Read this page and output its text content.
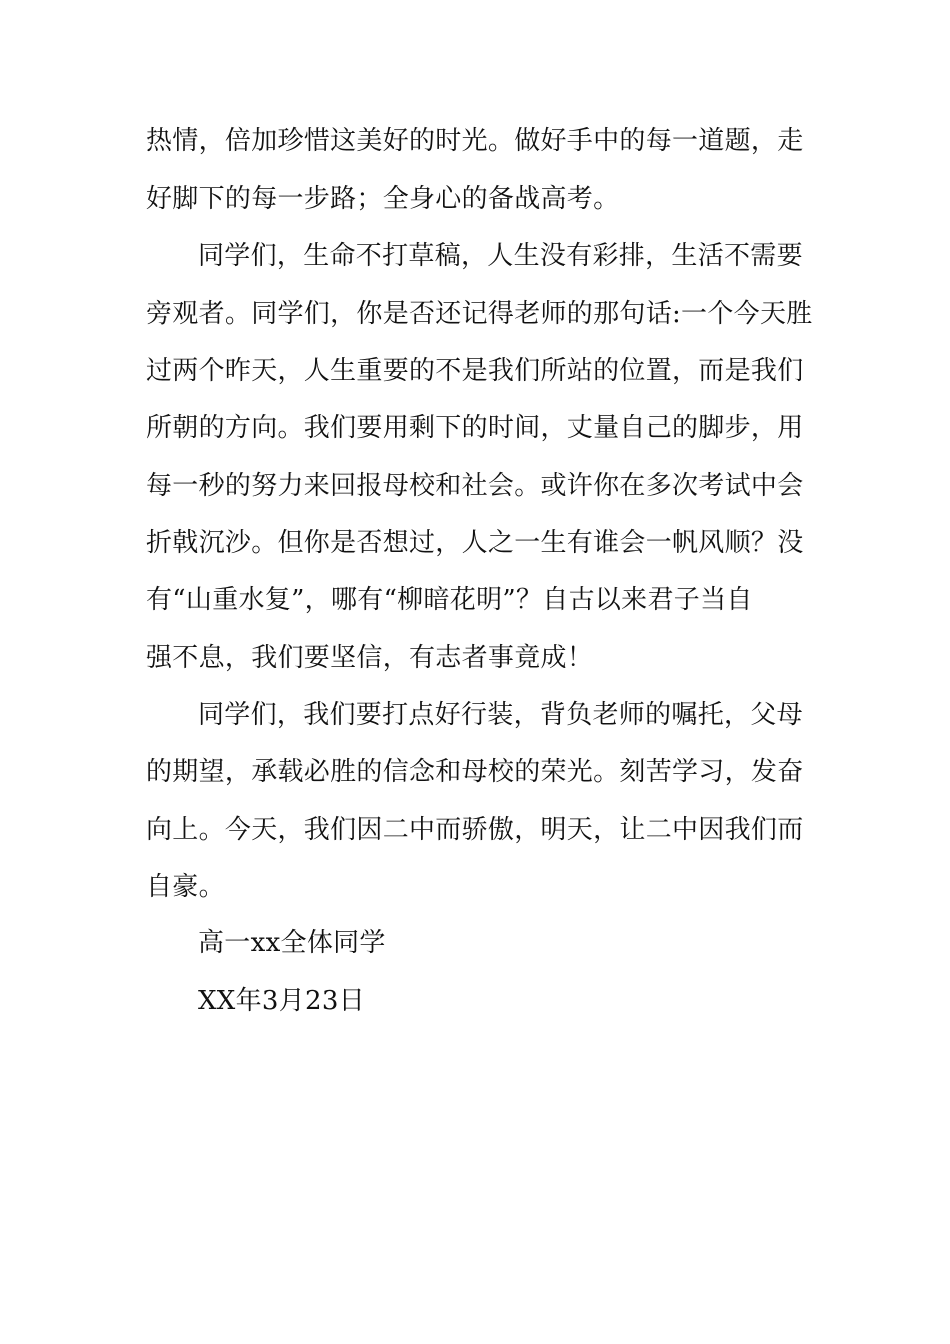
热情，倍加珍惜这美好的时光。做好手中的每一道题，走
好脚下的每一步路；全身心的备战高考。
同学们，生命不打草稿，人生没有彩排，生活不需要
旁观者。同学们，你是否还记得老师的那句话:一个今天胜
过两个昨天，人生重要的不是我们所站的位置，而是我们
所朝的方向。我们要用剩下的时间，丈量自己的脚步，用
每一秒的努力来回报母校和社会。或许你在多次考试中会
折戟沉沙。但你是否想过，人之一生有谁会一帆风顺？没
有“山重水复”，哪有“柳暗花明”？自古以来君子当自
强不息，我们要坚信，有志者事竟成！
同学们，我们要打点好行装，背负老师的嘱托，父母
的期望，承载必胜的信念和母校的荣光。刻苦学习，发奋
向上。今天，我们因二中而骄傲，明天，让二中因我们而
自豪。
高一xx全体同学
XX年3月23日
